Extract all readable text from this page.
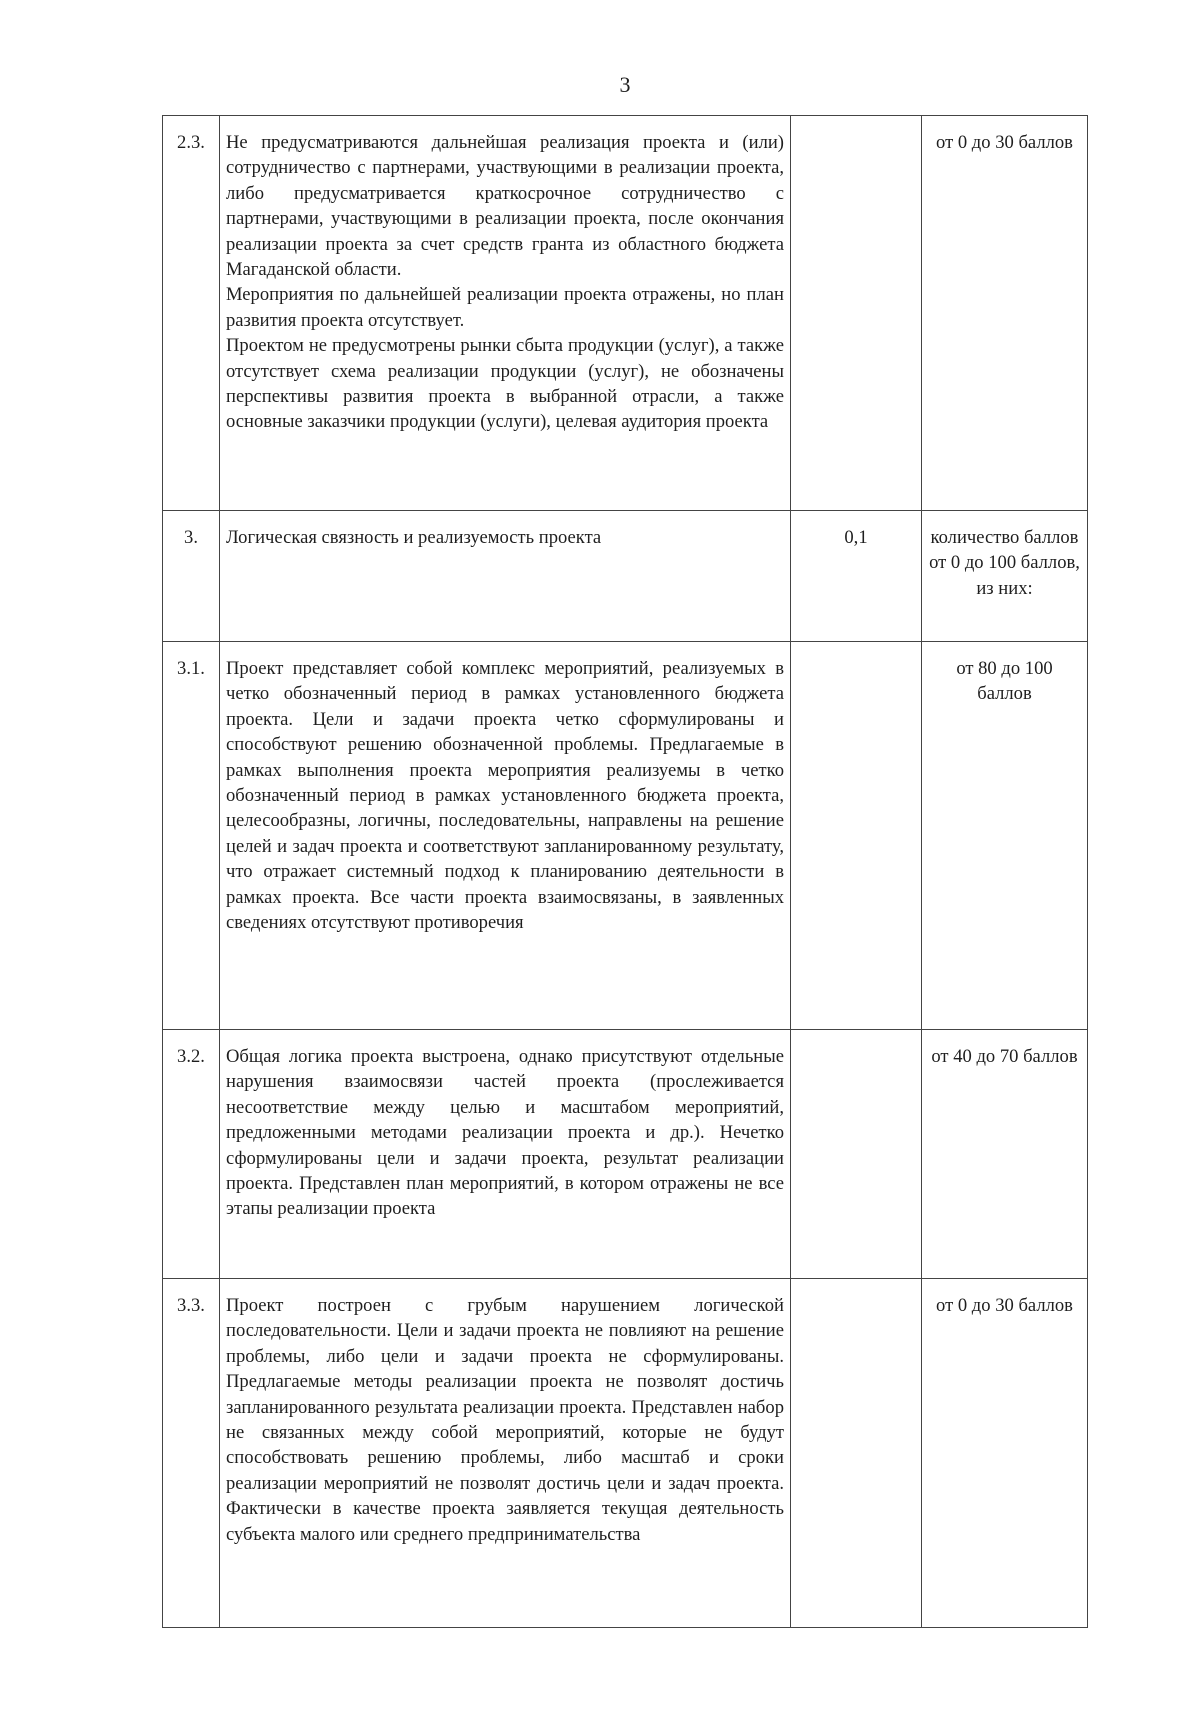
3
2.3.	Не предусматриваются дальнейшая реализация проекта и (или) сотрудничество с партнерами, участвующими в реализации проекта, либо предусматривается краткосрочное сотрудничество с партнерами, участвующими в реализации проекта, после окончания реализации проекта за счет средств гранта из областного бюджета Магаданской области.

Мероприятия по дальнейшей реализации проекта отражены, но план развития проекта отсутствует.

Проектом не предусмотрены рынки сбыта продукции (услуг), а также отсутствует схема реализации продукции (услуг), не обозначены перспективы развития проекта в выбранной отрасли, а также основные заказчики продукции (услуги), целевая аудитория проекта		от 0 до 30 баллов
3.	Логическая связность и реализуемость проекта	0,1	количество баллов от 0 до 100 баллов, из них:
3.1.	Проект представляет собой комплекс мероприятий, реализуемых в четко обозначенный период в рамках установленного бюджета проекта. Цели и задачи проекта четко сформулированы и способствуют решению обозначенной проблемы. Предлагаемые в рамках выполнения проекта мероприятия реализуемы в четко обозначенный период в рамках установленного бюджета проекта, целесообразны, логичны, последовательны, направлены на решение целей и задач проекта и соответствуют запланированному результату, что отражает системный подход к планированию деятельности в рамках проекта. Все части проекта взаимосвязаны, в заявленных сведениях отсутствуют противоречия		от 80 до 100 баллов
3.2.	Общая логика проекта выстроена, однако присутствуют отдельные нарушения взаимосвязи частей проекта (прослеживается несоответствие между целью и масштабом мероприятий, предложенными методами реализации проекта и др.). Нечетко сформулированы цели и задачи проекта, результат реализации проекта. Представлен план мероприятий, в котором отражены не все этапы реализации проекта		от 40 до 70 баллов
3.3.	Проект построен с грубым нарушением логической последовательности. Цели и задачи проекта не повлияют на решение проблемы, либо цели и задачи проекта не сформулированы. Предлагаемые методы реализации проекта не позволят достичь запланированного результата реализации проекта. Представлен набор не связанных между собой мероприятий, которые не будут способствовать решению проблемы, либо масштаб и сроки реализации мероприятий не позволят достичь цели и задач проекта. Фактически в качестве проекта заявляется текущая деятельность субъекта малого или среднего предпринимательства		от 0 до 30 баллов
